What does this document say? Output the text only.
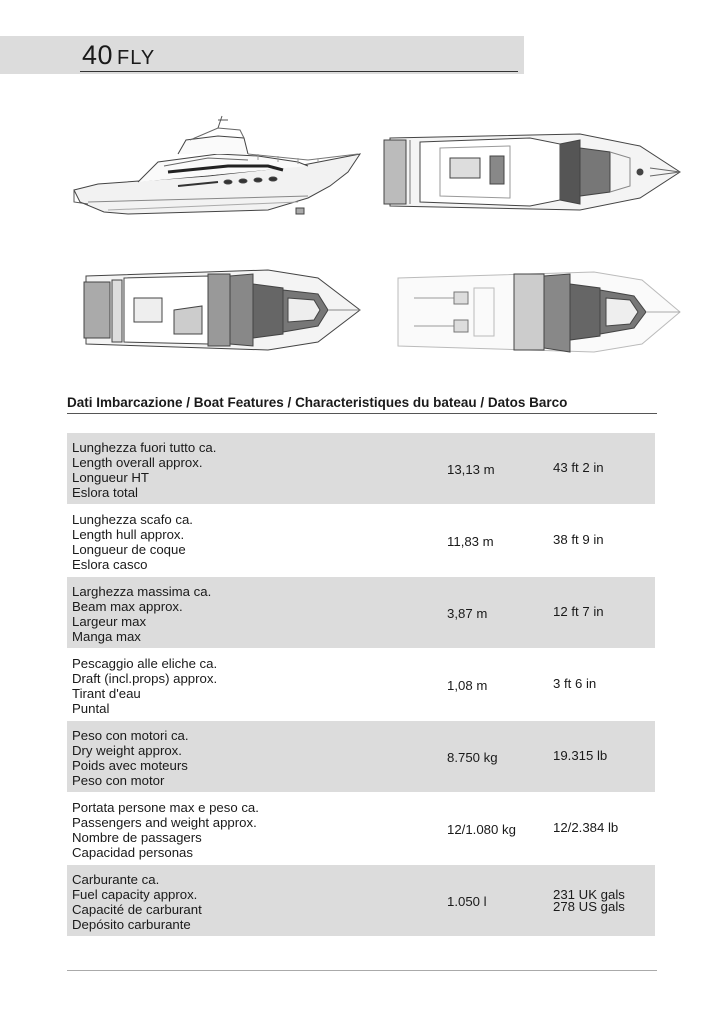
40 FLY
Dati Imbarcazione / Boat Features / Characteristiques du bateau / Datos Barco
Lunghezza fuori tutto ca.
Length overall approx.
Longueur HT
Eslora total
13,13 m	43 ft 2 in
Lunghezza scafo ca.
Length hull approx.
Longueur de coque
Eslora casco
11,83 m	38 ft 9 in
Larghezza massima ca.
Beam max approx.
Largeur max
Manga max
3,87 m	12 ft 7 in
Pescaggio alle eliche ca.
Draft (incl.props) approx.
Tirant d'eau
Puntal
1,08 m	3 ft 6 in
Peso con motori ca.
Dry weight approx.
Poids avec moteurs
Peso con motor
8.750 kg	19.315 lb
Portata persone max e peso ca.
Passengers and weight approx.
Nombre de passagers
Capacidad personas
12/1.080 kg	12/2.384 lb
Carburante ca.
Fuel capacity approx.
Capacité de carburant
Depósito carburante
1.050 l	231 UK gals
278 US gals
